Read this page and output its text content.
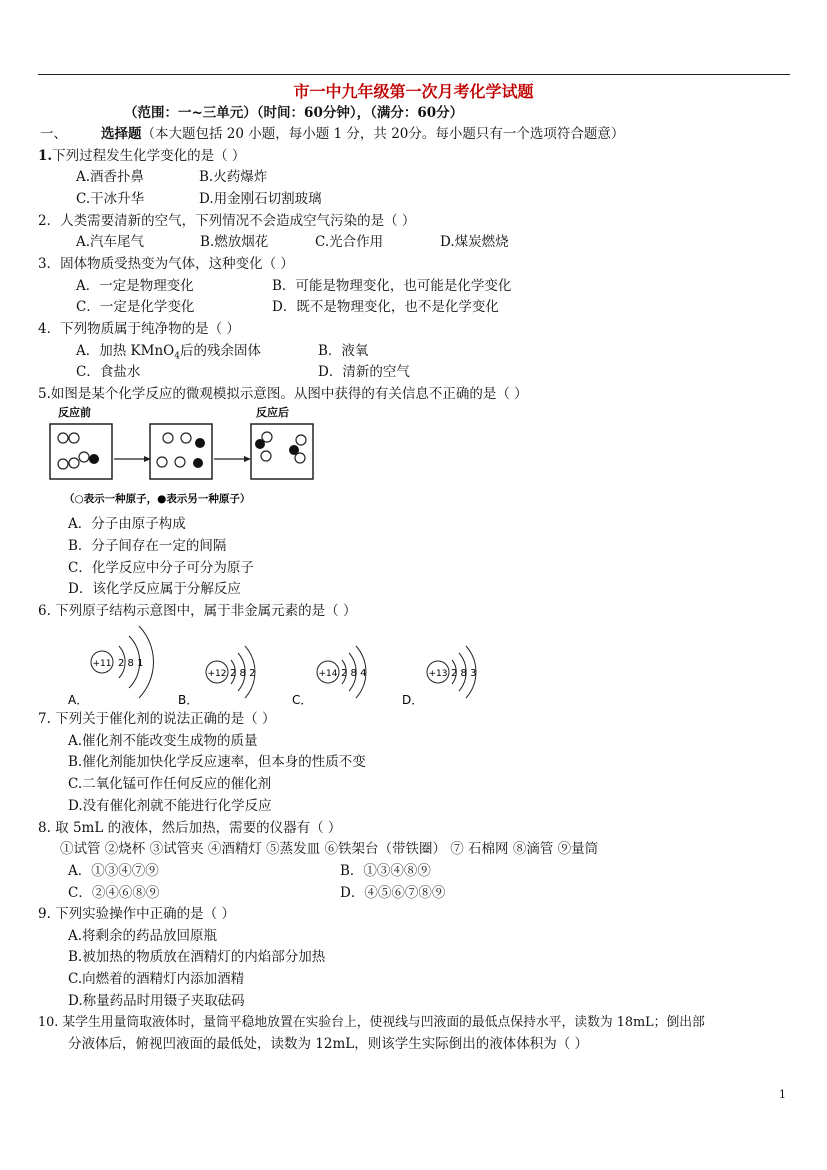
市一中九年级第一次月考化学试题
（范围：一~三单元）（时间：60分钟），（满分：60分）
一、	选择题（本大题包括 20 小题，每小题 1 分，共 20分。每小题只有一个选项符合题意）
1.下列过程发生化学变化的是（ ）
A.酒香扑鼻	B.火药爆炸
C.干冰升华	D.用金刚石切割玻璃
2．人类需要清新的空气，下列情况不会造成空气污染的是（ ）
A.汽车尾气	B.燃放烟花	C.光合作用	D.煤炭燃烧
3．固体物质受热变为气体，这种变化（ ）
A．一定是物理变化	B．可能是物理变化，也可能是化学变化
C．一定是化学变化	D．既不是物理变化，也不是化学变化
4．下列物质属于纯净物的是（ ）
A．加热 KMnO$_4$后的残余固体	B．液氧
C．食盐水	D．清新的空气
5.如图是某个化学反应的微观模拟示意图。从图中获得的有关信息不正确的是（ ）
反应前	反应后
（○表示一种原子，●表示另一种原子）
A．分子由原子构成
B．分子间存在一定的间隔
C．化学反应中分子可分为原子
D．该化学反应属于分解反应
6. 下列原子结构示意图中，属于非金属元素的是（ ）
+11 2 8 1
A．
+12 2 8 2
B．
+14 2 8 4
C．
+13 2 8 3
D．
7. 下列关于催化剂的说法正确的是（ ）
A.催化剂不能改变生成物的质量
B.催化剂能加快化学反应速率，但本身的性质不变
C.二氧化锰可作任何反应的催化剂
D.没有催化剂就不能进行化学反应
8. 取 5mL 的液体，然后加热，需要的仪器有（ ）
①试管 ②烧杯 ③试管夹 ④酒精灯 ⑤蒸发皿 ⑥铁架台（带铁圈） ⑦ 石棉网 ⑧滴管 ⑨量筒
A．①③④⑦⑨	B．①③④⑧⑨
C．②④⑥⑧⑨	D．④⑤⑥⑦⑧⑨
9. 下列实验操作中正确的是（ ）
A.将剩余的药品放回原瓶
B.被加热的物质放在酒精灯的内焰部分加热
C.向燃着的酒精灯内添加酒精
D.称量药品时用镊子夹取砝码
10. 某学生用量筒取液体时，量筒平稳地放置在实验台上，使视线与凹液面的最低点保持水平，读数为 18mL；倒出部
分液体后，俯视凹液面的最低处，读数为 12mL，则该学生实际倒出的液体体积为（ ）
1
